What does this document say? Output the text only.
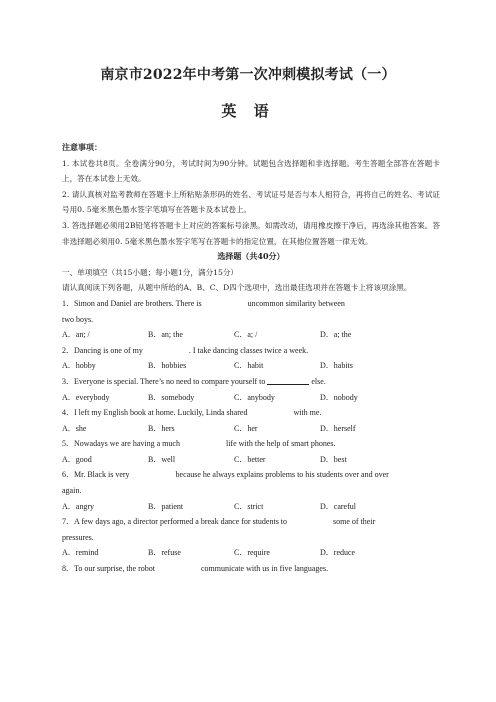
南京市2022年中考第一次冲刺模拟考试（一）
英 语

注意事项：

1. 本试卷共8页。全卷满分90分，考试时间为90分钟。试题包含选择题和非选择题。考生答题全部答在答题卡上，答在本试卷上无效。

2. 请认真核对监考教师在答题卡上所粘贴条形码的姓名、考试证号是否与本人相符合，再将自己的姓名、考试证号用0. 5毫米黑色墨水签字笔填写在答题卡及本试卷上。

3. 答选择题必须用2B铅笔将答题卡上对应的答案标号涂黑。如需改动，请用橡皮擦干净后，再选涂其他答案。答非选择题必须用0. 5毫米黑色墨水签字笔写在答题卡的指定位置，在其他位置答题一律无效。

选择题（共40分）

一、单项填空（共15小题；每小题1分，满分15分）

请认真阅读下列各题，从题中所给的A、B、C、D四个选项中，选出最佳选项并在答题卡上将该项涂黑。

1．Simon and Daniel are brothers. There is	uncommon similarity between
two boys.

A．an; /	B．an; the	C．a; /	D．a; the

2．Dancing is one of my	. I take dancing classes twice a week.

A．hobby	B．hobbies	C．habit	D．habits

3．Everyone is special. There’s no need to compare yourself to	else.

A．everybody	B．somebody	C．anybody	D．nobody

4．I left my English book at home. Luckily, Linda shared	with me.

A．she	B．hers	C．her	D．herself

5．Nowadays we are having a much	life with the help of smart phones.

A．good	B．well	C．better	D．best

6．Mr. Black is very	because he always explains problems to his students over and over
again.

A．angry	B．patient	C．strict	D．careful

7．A few days ago, a director performed a break dance for students to	some of their
pressures.

A．remind	B．refuse	C．require	D．reduce

8．To our surprise, the robot	communicate with us in five languages.
